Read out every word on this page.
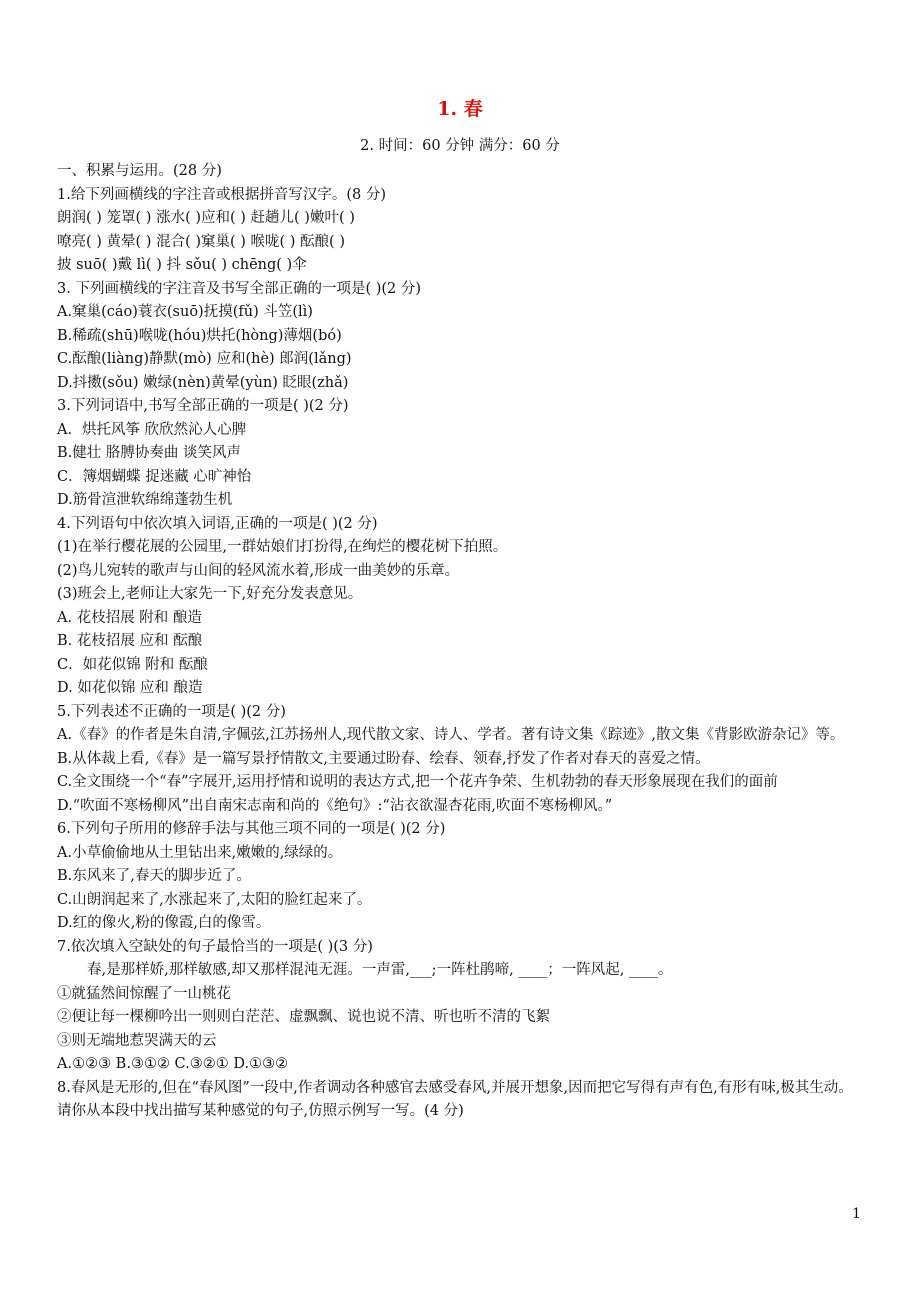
1. 春
2. 时间：60 分钟 满分：60 分
一、积累与运用。(28 分)
1.给下列画横线的字注音或根据拼音写汉字。(8 分)
朗润( ) 笼罩( ) 涨水( )应和( ) 赶趟儿( )嫩叶( )
嘹亮( ) 黄晕( ) 混合( )窠巢( ) 喉咙( ) 酝酿( )
披 suō( )戴 lì( ) 抖 sǒu( ) chēng( )伞
3. 下列画横线的字注音及书写全部正确的一项是( )(2 分)
A.窠巢(cáo)蓑衣(suō)抚摸(fǔ) 斗笠(lì)
B.稀疏(shū)喉咙(hóu)烘托(hòng)薄烟(bó)
C.酝酿(liàng)静默(mò) 应和(hè) 郎润(lǎng)
D.抖擞(sǒu) 嫩绿(nèn)黄晕(yùn) 眨眼(zhǎ)
3.下列词语中,书写全部正确的一项是( )(2 分)
A．烘托风筝 欣欣然沁人心脾
B.健壮 胳膊协奏曲 谈笑风声
C．簿烟蝴蝶 捉迷藏 心旷神怡
D.筋骨渲泄软绵绵蓬勃生机
4.下列语句中依次填入词语,正确的一项是( )(2 分)
(1)在举行樱花展的公园里,一群姑娘们打扮得,在绚烂的樱花树下拍照。
(2)鸟儿宛转的歌声与山间的轻风流水着,形成一曲美妙的乐章。
(3)班会上,老师让大家先一下,好充分发表意见。
A. 花枝招展 附和 酿造
B. 花枝招展 应和 酝酿
C．如花似锦 附和 酝酿
D. 如花似锦 应和 酿造
5.下列表述不正确的一项是( )(2 分)
A.《春》的作者是朱自清,字佩弦,江苏扬州人,现代散文家、诗人、学者。著有诗文集《踪迹》,散文集《背影欧游杂记》等。
B.从体裁上看,《春》是一篇写景抒情散文,主要通过盼春、绘春、领春,抒发了作者对春天的喜爱之情。
C.全文围绕一个“春”字展开,运用抒情和说明的表达方式,把一个花卉争荣、生机勃勃的春天形象展现在我们的面前
D.“吹面不寒杨柳风”出自南宋志南和尚的《绝句》:“沾衣欲湿杏花雨,吹面不寒杨柳风。”
6.下列句子所用的修辞手法与其他三项不同的一项是( )(2 分)
A.小草偷偷地从土里钻出来,嫩嫩的,绿绿的。
B.东风来了,春天的脚步近了。
C.山朗润起来了,水涨起来了,太阳的脸红起来了。
D.红的像火,粉的像霞,白的像雪。
7.依次填入空缺处的句子最恰当的一项是( )(3 分)
春,是那样娇,那样敏感,却又那样混沌无涯。一声雷,___;一阵杜鹃啼, ____；一阵风起, ____。
①就猛然间惊醒了一山桃花
②便让每一棵柳吟出一则则白茫茫、虚飘飘、说也说不清、听也听不清的飞絮
③则无端地惹哭满天的云
A.①②③ B.③①② C.③②① D.①③②
8.春风是无形的,但在“春风图”一段中,作者调动各种感官去感受春风,并展开想象,因而把它写得有声有色,有形有味,极其生动。请你从本段中找出描写某种感觉的句子,仿照示例写一写。(4 分)
1
